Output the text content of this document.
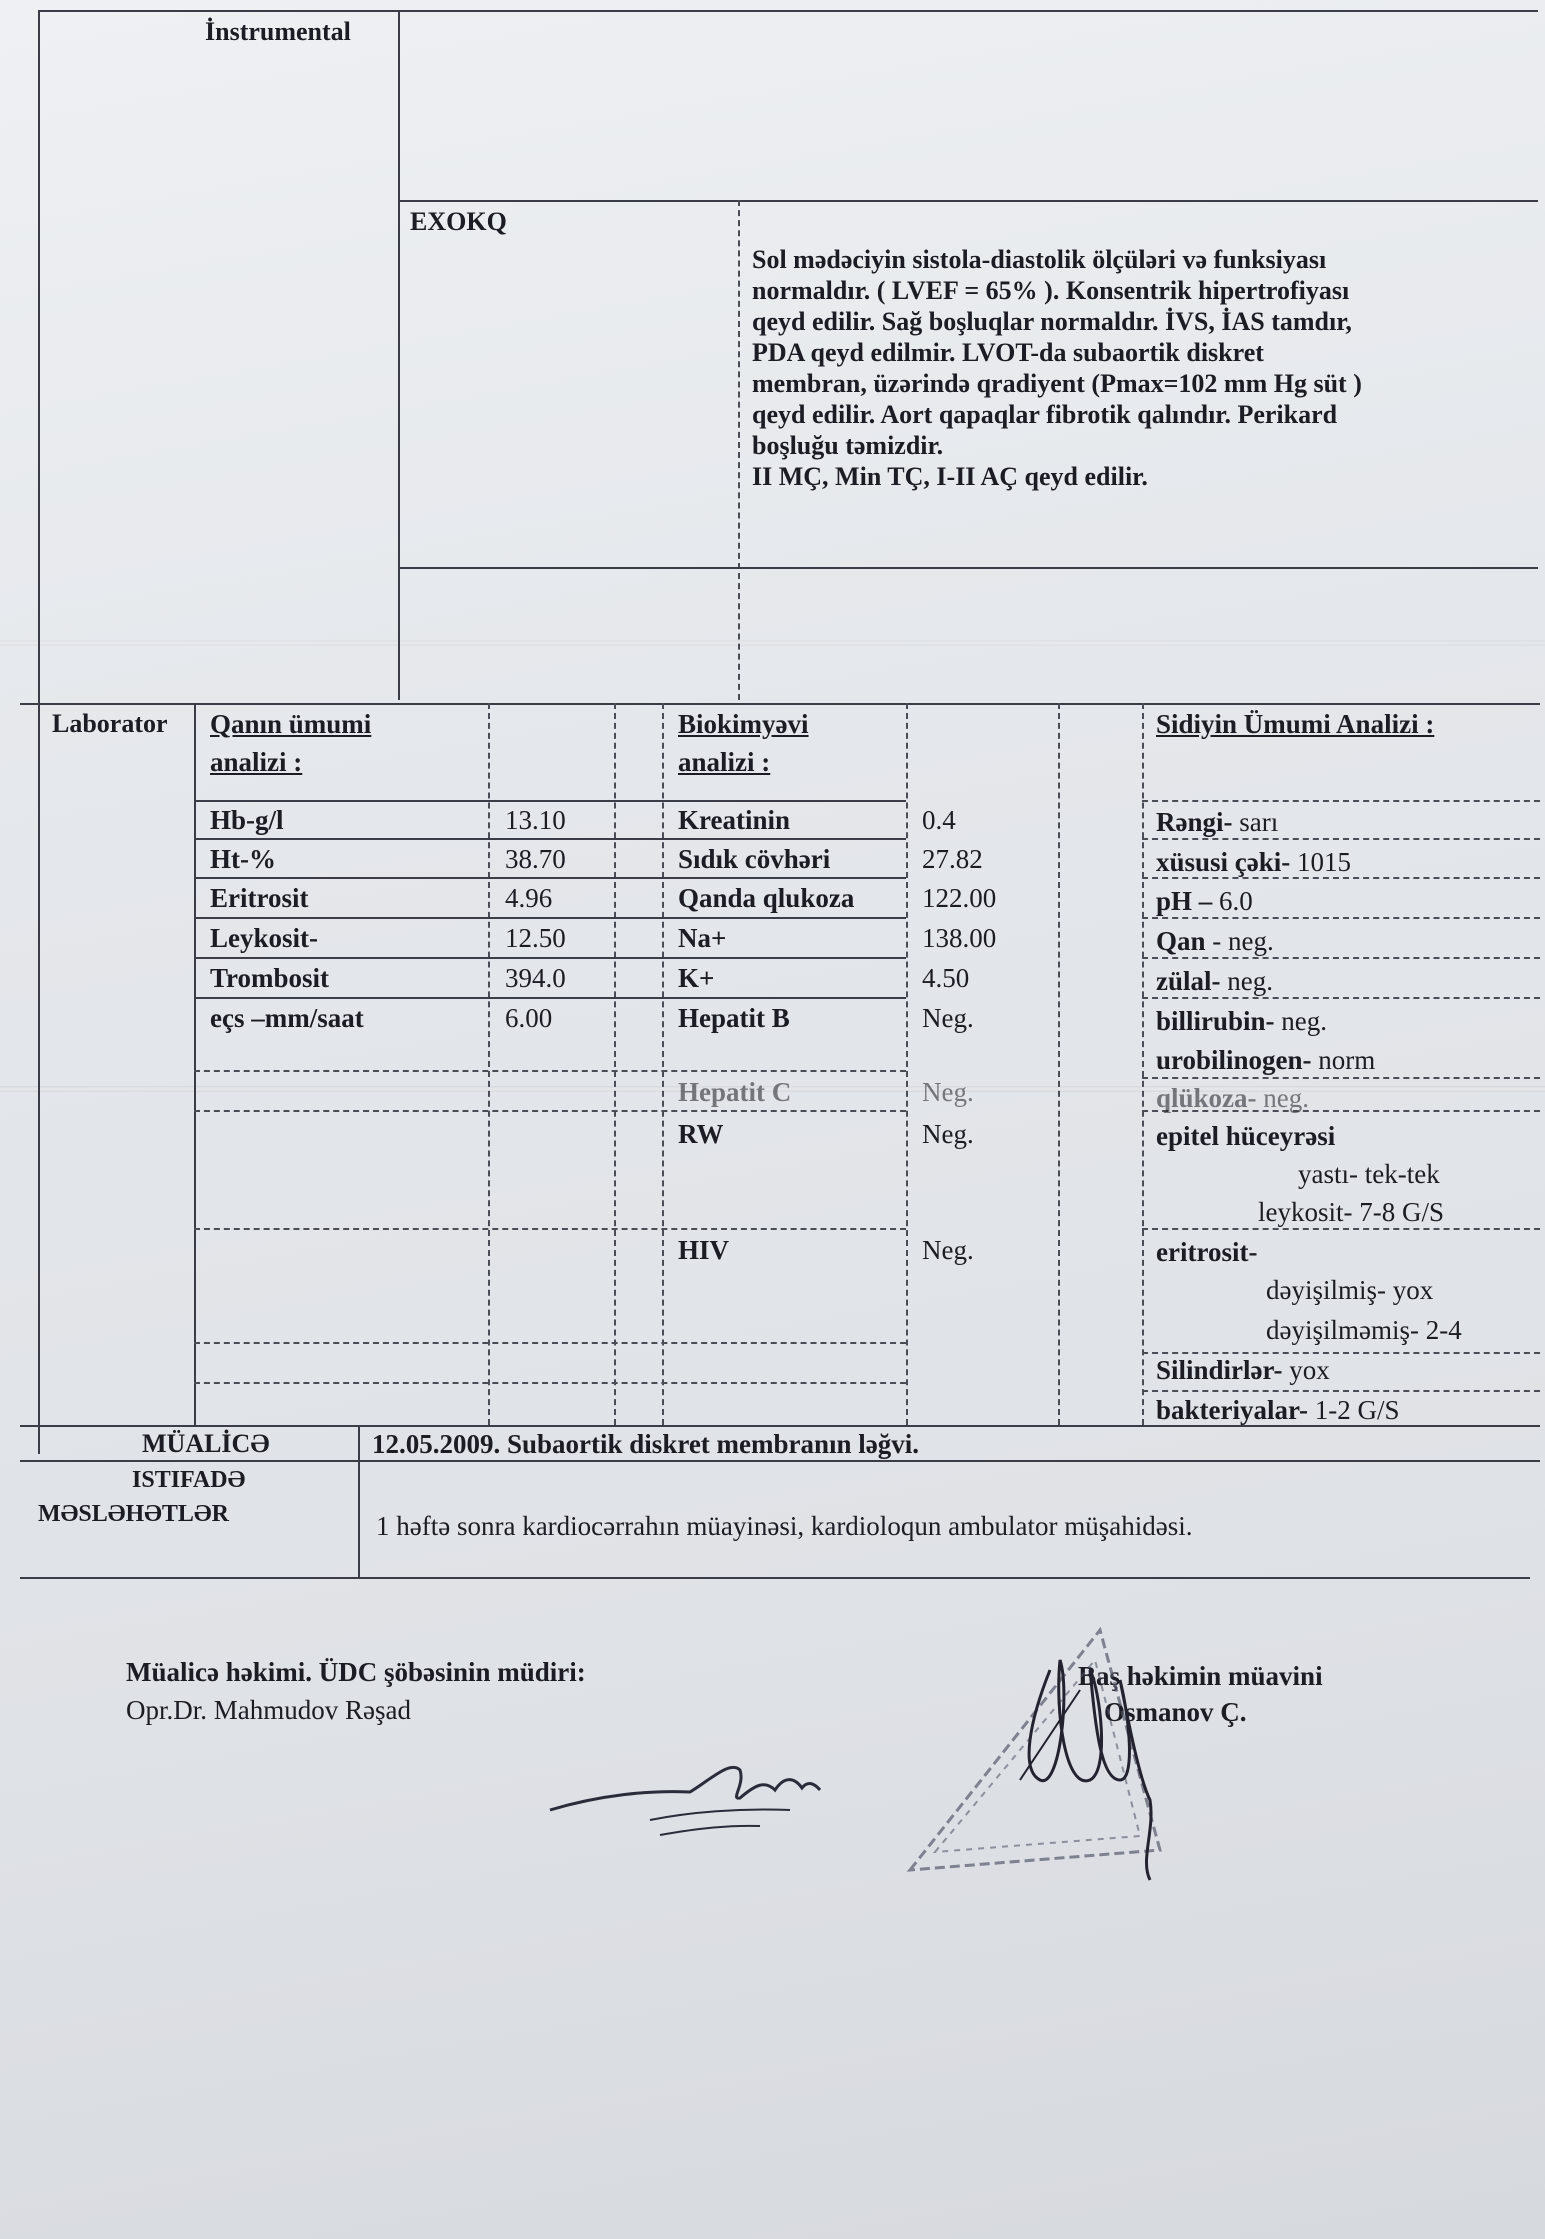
İnstrumental
EXOKQ
Sol mədəciyin sistola-diastolik ölçüləri və funksiyası
normaldır. ( LVEF = 65% ). Konsentrik hipertrofiyası
qeyd edilir. Sağ boşluqlar normaldır. İVS, İAS tamdır,
PDA qeyd edilmir. LVOT-da subaortik diskret
membran, üzərində qradiyent (Pmax=102 mm Hg süt )
qeyd edilir. Aort qapaqlar fibrotik qalındır. Perikard
boşluğu təmizdir.
II MÇ, Min TÇ, I-II AÇ qeyd edilir.
Laborator Qanın ümumi
analizi :
Hb-g/l	13.10
Ht-%	38.70
Eritrosit	4.96
Leykosit-	12.50
Trombosit	394.0
eçs –mm/saat	6.00
Biokimyəvi
analizi :
Kreatinin	0.4
Sıdık cövhəri	27.82
Qanda qlukoza	122.00
Na+	138.00
K+	4.50
Hepatit B	Neg.
Hepatit C	Neg.
RW	Neg.
HIV	Neg.
Sidiyin Ümumi Analizi :
Rəngi- sarı
xüsusi çəki- 1015
pH – 6.0
Qan - neg.
zülal- neg.
billirubin- neg.
urobilinogen- norm
qlükoza- neg.
epitel hüceyrəsi
yastı- tek-tek
leykosit- 7-8 G/S
eritrosit-
dəyişilmiş- yox
dəyişilməmiş- 2-4
Silindirlər- yox
bakteriyalar- 1-2 G/S
MÜALİCƏ	12.05.2009. Subaortik diskret membranın ləğvi.
ISTIFADƏ
MƏSLƏHƏTLƏR	1 həftə sonra kardiocərrahın müayinəsi, kardioloqun ambulator müşahidəsi.
Müalicə həkimi. ÜDC şöbəsinin müdiri:
Opr.Dr. Mahmudov Rəşad
Baş həkimin müavini
Osmanov Ç.
